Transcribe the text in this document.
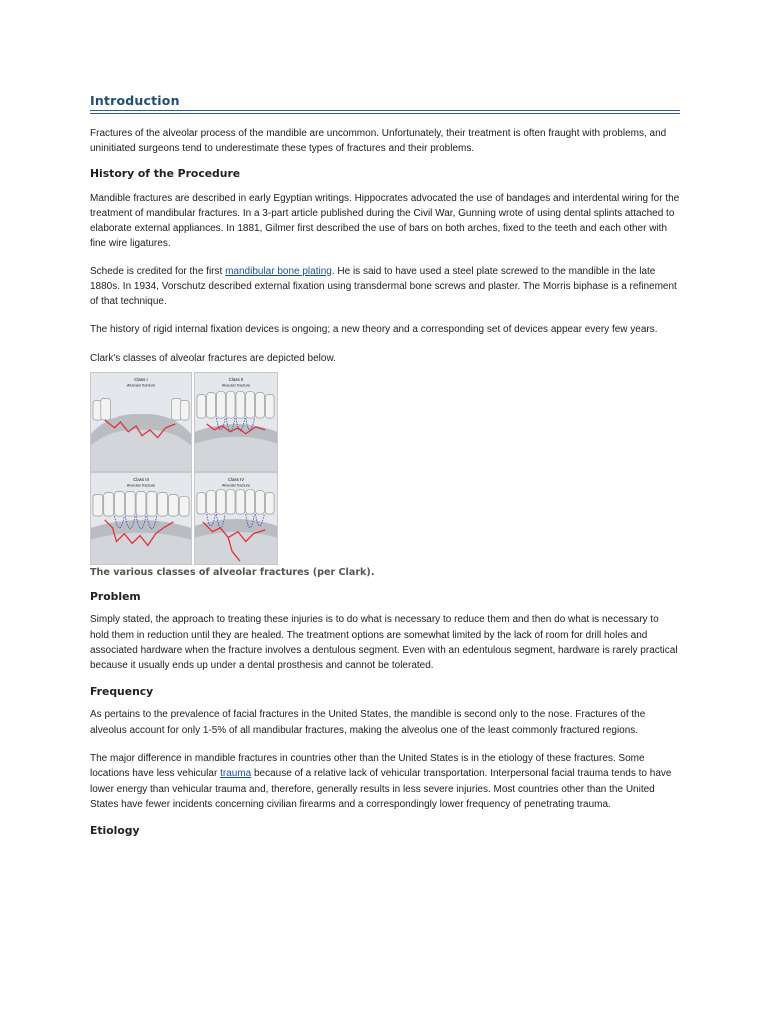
Introduction

Fractures of the alveolar process of the mandible are uncommon. Unfortunately, their treatment is often fraught with problems, and uninitiated surgeons tend to underestimate these types of fractures and their problems.

History of the Procedure

Mandible fractures are described in early Egyptian writings. Hippocrates advocated the use of bandages and interdental wiring for the treatment of mandibular fractures. In a 3-part article published during the Civil War, Gunning wrote of using dental splints attached to elaborate external appliances. In 1881, Gilmer first described the use of bars on both arches, fixed to the teeth and each other with fine wire ligatures.

Schede is credited for the first mandibular bone plating. He is said to have used a steel plate screwed to the mandible in the late 1880s. In 1934, Vorschutz described external fixation using transdermal bone screws and plaster. The Morris biphase is a refinement of that technique.

The history of rigid internal fixation devices is ongoing; a new theory and a corresponding set of devices appear every few years.

Clark's classes of alveolar fractures are depicted below.

Class I
Alveolar fracture
Class II
Alveolar fracture
Class III
Alveolar fracture
Class IV
Alveolar fracture
The various classes of alveolar fractures (per Clark).
Problem

Simply stated, the approach to treating these injuries is to do what is necessary to reduce them and then do what is necessary to hold them in reduction until they are healed. The treatment options are somewhat limited by the lack of room for drill holes and associated hardware when the fracture involves a dentulous segment. Even with an edentulous segment, hardware is rarely practical because it usually ends up under a dental prosthesis and cannot be tolerated.

Frequency

As pertains to the prevalence of facial fractures in the United States, the mandible is second only to the nose. Fractures of the alveolus account for only 1-5% of all mandibular fractures, making the alveolus one of the least commonly fractured regions.

The major difference in mandible fractures in countries other than the United States is in the etiology of these fractures. Some locations have less vehicular trauma because of a relative lack of vehicular transportation. Interpersonal facial trauma tends to have lower energy than vehicular trauma and, therefore, generally results in less severe injuries. Most countries other than the United States have fewer incidents concerning civilian firearms and a correspondingly lower frequency of penetrating trauma.

Etiology
